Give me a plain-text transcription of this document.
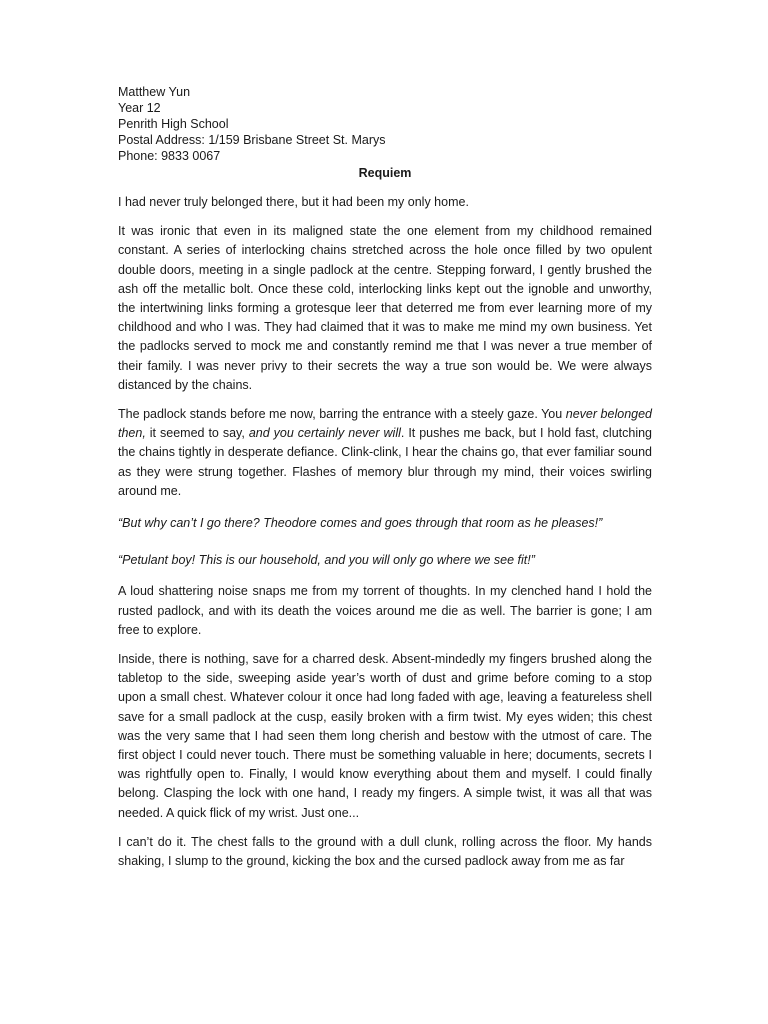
Matthew Yun

Year 12

Penrith High School

Postal Address: 1/159 Brisbane Street St. Marys

Phone: 9833 0067

Requiem

I had never truly belonged there, but it had been my only home.

It was ironic that even in its maligned state the one element from my childhood remained constant. A series of interlocking chains stretched across the hole once filled by two opulent double doors, meeting in a single padlock at the centre. Stepping forward, I gently brushed the ash off the metallic bolt. Once these cold, interlocking links kept out the ignoble and unworthy, the intertwining links forming a grotesque leer that deterred me from ever learning more of my childhood and who I was. They had claimed that it was to make me mind my own business. Yet the padlocks served to mock me and constantly remind me that I was never a true member of their family. I was never privy to their secrets the way a true son would be. We were always distanced by the chains.

The padlock stands before me now, barring the entrance with a steely gaze. You never belonged then, it seemed to say, and you certainly never will. It pushes me back, but I hold fast, clutching the chains tightly in desperate defiance. Clink-clink, I hear the chains go, that ever familiar sound as they were strung together. Flashes of memory blur through my mind, their voices swirling around me.

“But why can’t I go there? Theodore comes and goes through that room as he pleases!”

“Petulant boy! This is our household, and you will only go where we see fit!”

A loud shattering noise snaps me from my torrent of thoughts. In my clenched hand I hold the rusted padlock, and with its death the voices around me die as well. The barrier is gone; I am free to explore.

Inside, there is nothing, save for a charred desk. Absent-mindedly my fingers brushed along the tabletop to the side, sweeping aside year’s worth of dust and grime before coming to a stop upon a small chest. Whatever colour it once had long faded with age, leaving a featureless shell save for a small padlock at the cusp, easily broken with a firm twist. My eyes widen; this chest was the very same that I had seen them long cherish and bestow with the utmost of care. The first object I could never touch. There must be something valuable in here; documents, secrets I was rightfully open to. Finally, I would know everything about them and myself. I could finally belong. Clasping the lock with one hand, I ready my fingers. A simple twist, it was all that was needed. A quick flick of my wrist. Just one...

I can’t do it. The chest falls to the ground with a dull clunk, rolling across the floor. My hands shaking, I slump to the ground, kicking the box and the cursed padlock away from me as far
